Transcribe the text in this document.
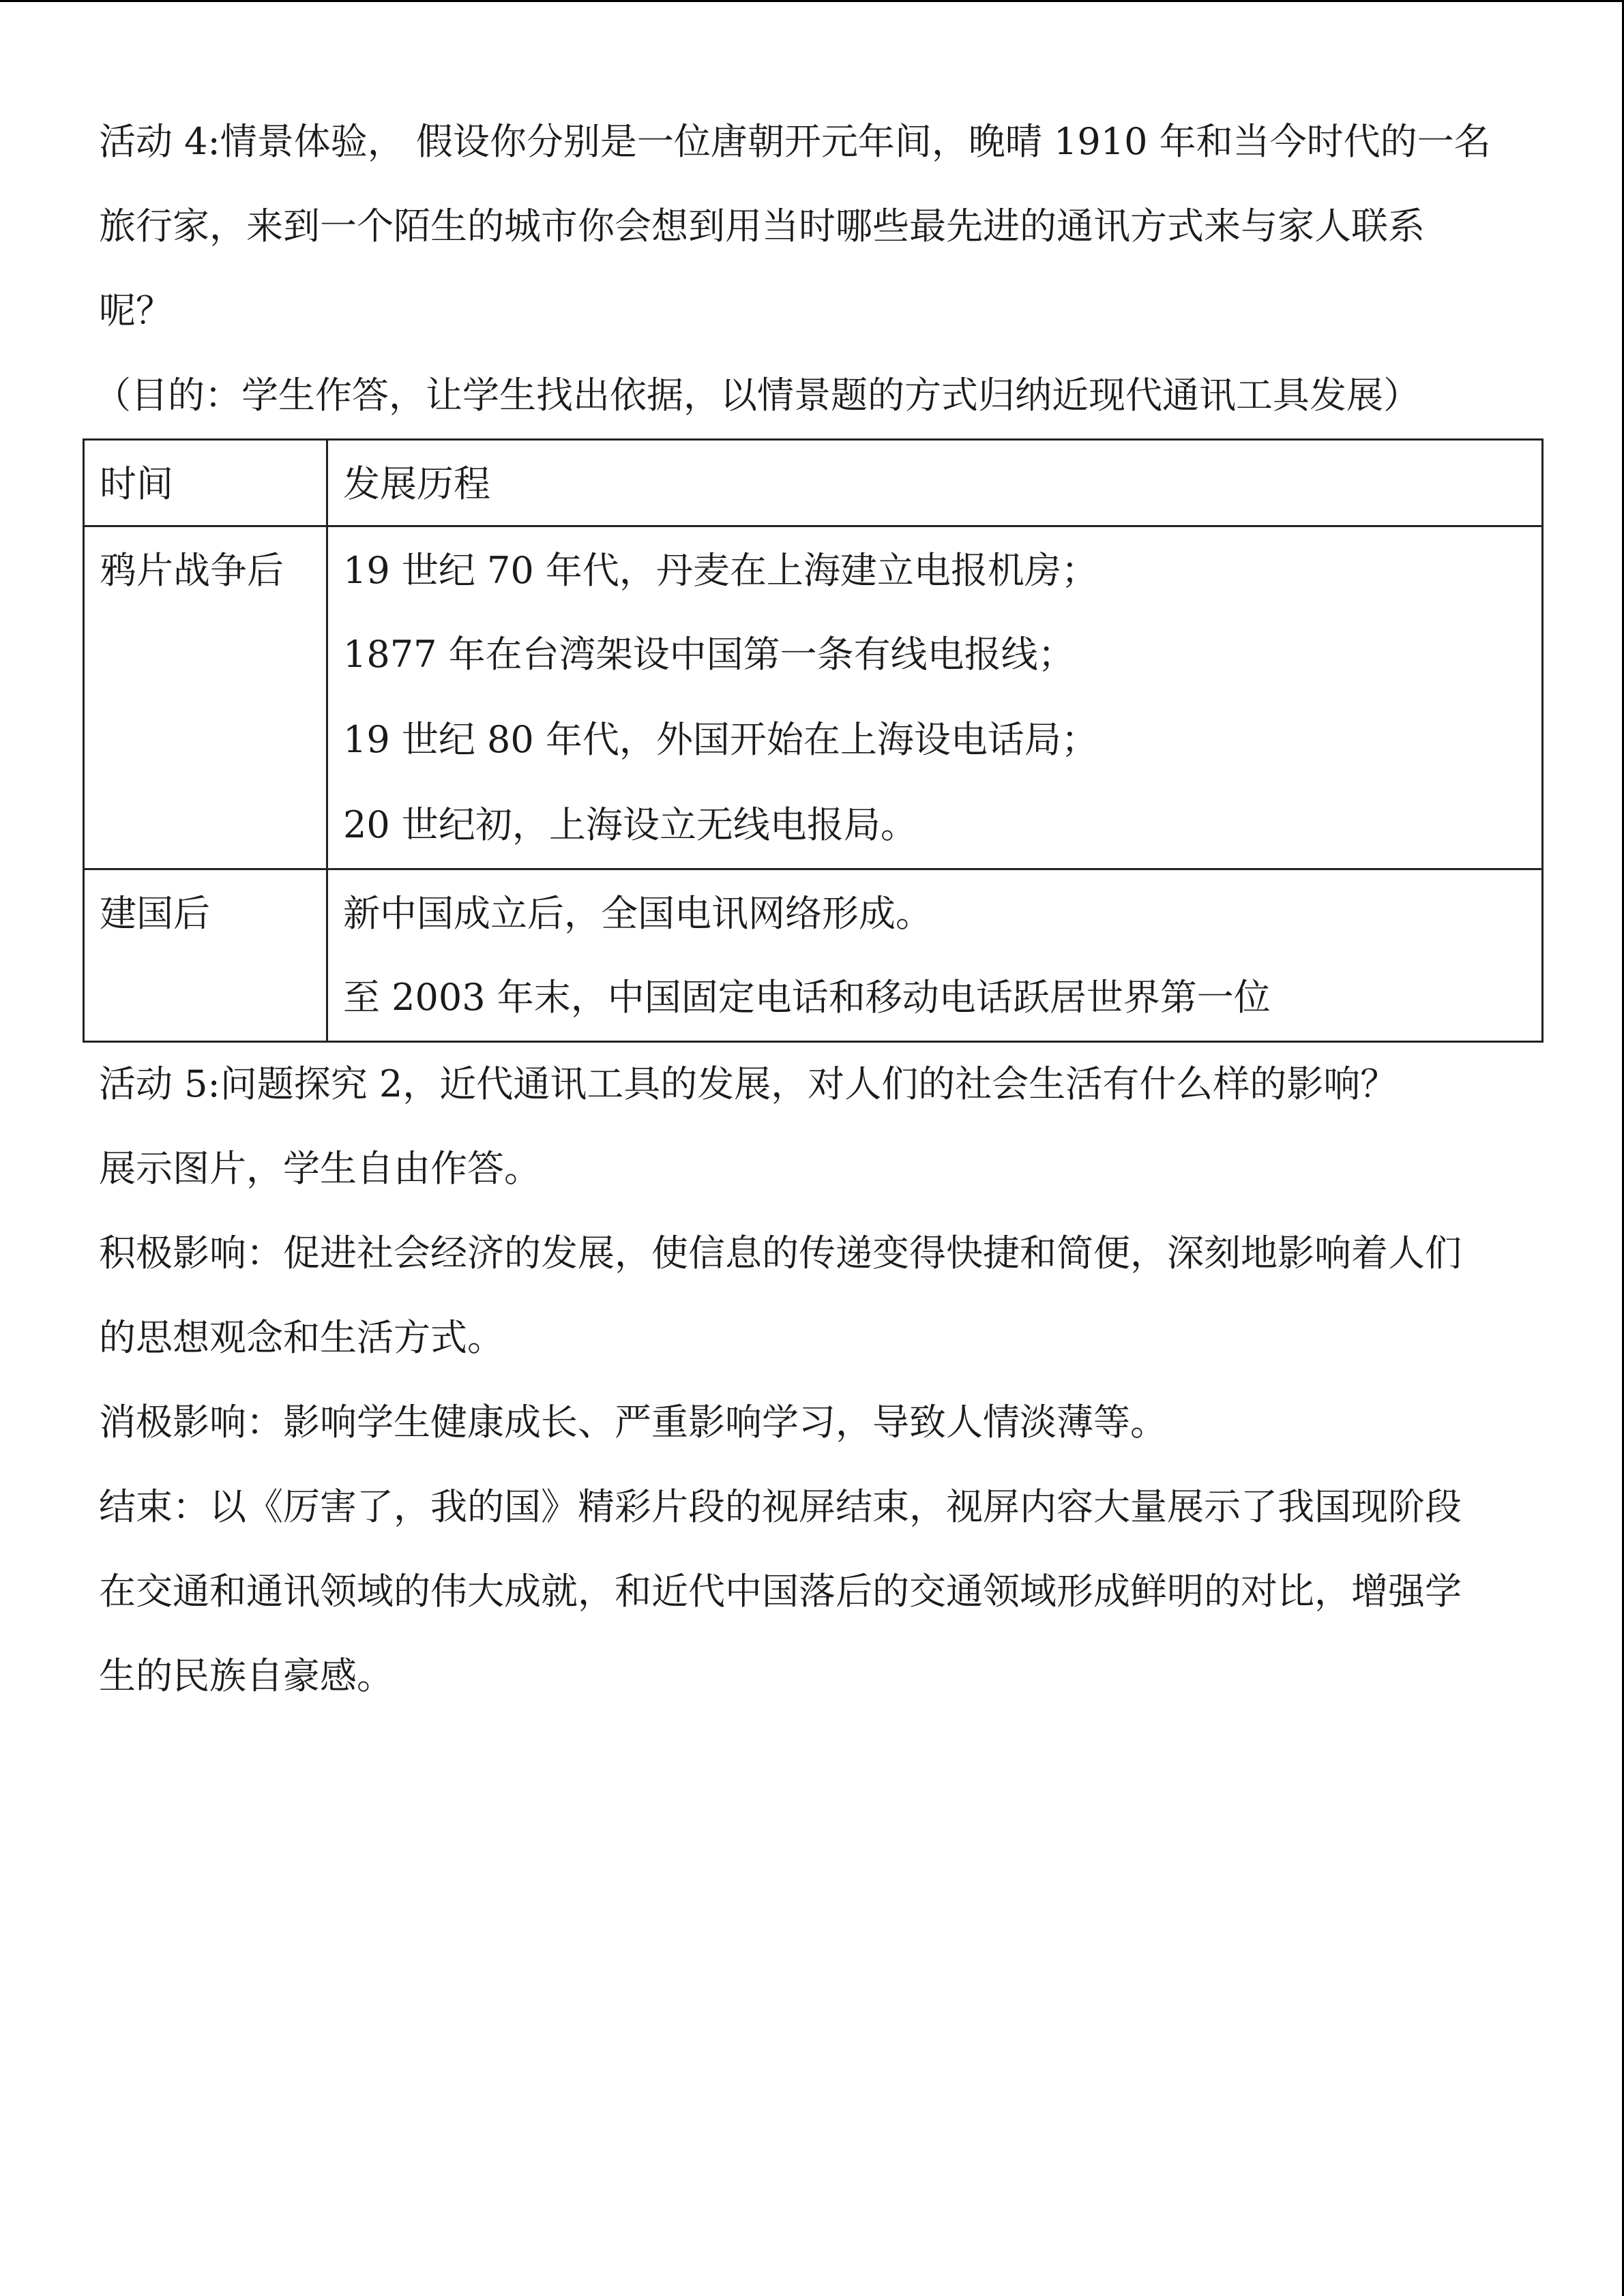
活动 4:情景体验， 假设你分别是一位唐朝开元年间，晚晴 1910 年和当今时代的一名
旅行家，来到一个陌生的城市你会想到用当时哪些最先进的通讯方式来与家人联系
呢？
（目的：学生作答，让学生找出依据，以情景题的方式归纳近现代通讯工具发展）
时间	发展历程

鸦片战争后	19 世纪 70 年代，丹麦在上海建立电报机房；
1877 年在台湾架设中国第一条有线电报线；
19 世纪 80 年代，外国开始在上海设电话局；
20 世纪初，上海设立无线电报局。

建国后	新中国成立后，全国电讯网络形成。
至 2003 年末，中国固定电话和移动电话跃居世界第一位
活动 5:问题探究 2，近代通讯工具的发展，对人们的社会生活有什么样的影响？
展示图片，学生自由作答。
积极影响：促进社会经济的发展，使信息的传递变得快捷和简便，深刻地影响着人们
的思想观念和生活方式。
消极影响：影响学生健康成长、严重影响学习，导致人情淡薄等。
结束：以《厉害了，我的国》精彩片段的视屏结束，视屏内容大量展示了我国现阶段
在交通和通讯领域的伟大成就，和近代中国落后的交通领域形成鲜明的对比，增强学
生的民族自豪感。
